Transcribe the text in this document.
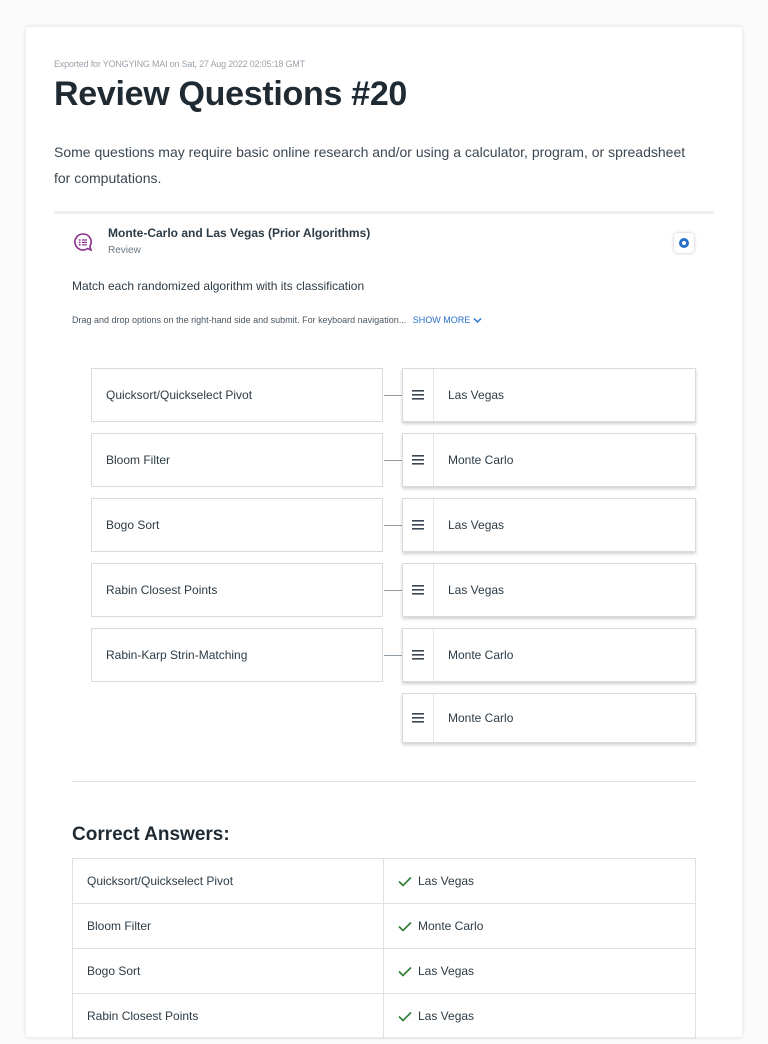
Exported for YONGYING MAI on Sat, 27 Aug 2022 02:05:18 GMT
Review Questions #20
Some questions may require basic online research and/or using a calculator, program, or spreadsheet for computations.
Monte-Carlo and Las Vegas (Prior Algorithms)
Review
Match each randomized algorithm with its classification
Drag and drop options on the right-hand side and submit. For keyboard navigation... SHOW MORE
Quicksort/Quickselect Pivot	Las Vegas
Bloom Filter	Monte Carlo
Bogo Sort	Las Vegas
Rabin Closest Points	Las Vegas
Rabin-Karp Strin-Matching	Monte Carlo
Monte Carlo
Correct Answers:
Quicksort/Quickselect Pivot	Las Vegas
Bloom Filter	Monte Carlo
Bogo Sort	Las Vegas
Rabin Closest Points	Las Vegas
